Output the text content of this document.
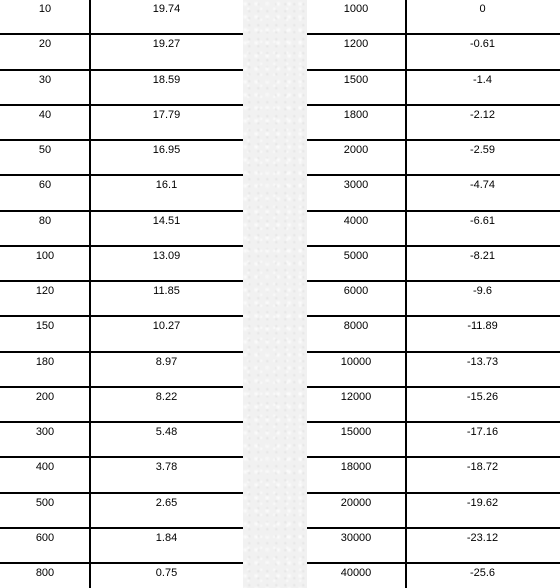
10	19.74
20	19.27
30	18.59
40	17.79
50	16.95
60	16.1
80	14.51
100	13.09
120	11.85
150	10.27
180	8.97
200	8.22
300	5.48
400	3.78
500	2.65
600	1.84
800	0.75
1000	0
1200	-0.61
1500	-1.4
1800	-2.12
2000	-2.59
3000	-4.74
4000	-6.61
5000	-8.21
6000	-9.6
8000	-11.89
10000	-13.73
12000	-15.26
15000	-17.16
18000	-18.72
20000	-19.62
30000	-23.12
40000	-25.6
